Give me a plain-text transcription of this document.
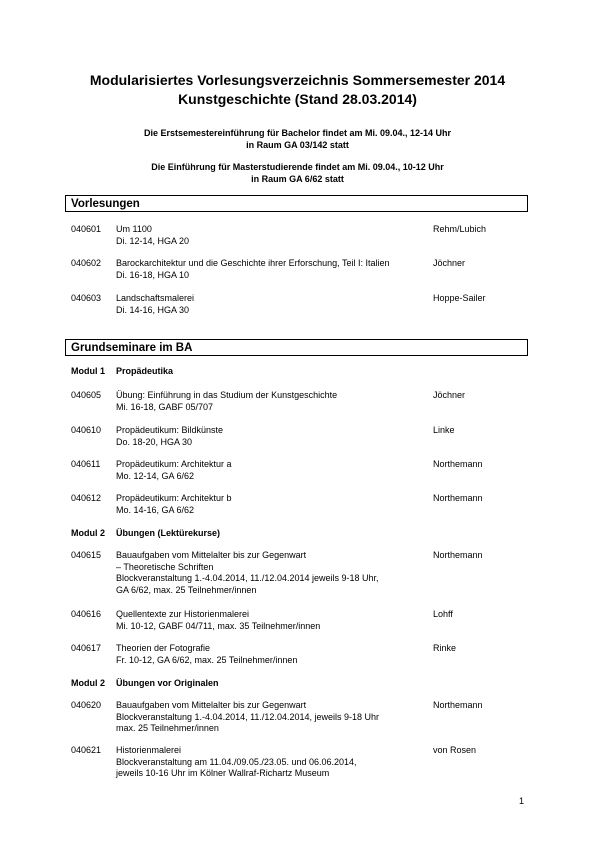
Modularisiertes Vorlesungsverzeichnis Sommersemester 2014
Kunstgeschichte (Stand 28.03.2014)
Die Erstsemestereinführung für Bachelor findet am Mi. 09.04., 12-14 Uhr
in Raum GA 03/142 statt
Die Einführung für Masterstudierende findet am Mi. 09.04., 10-12 Uhr
in Raum GA 6/62 statt
Vorlesungen
040601 Um 1100
Di. 12-14, HGA 20
Rehm/Lubich
040602 Barockarchitektur und die Geschichte ihrer Erforschung, Teil I: Italien
Di. 16-18, HGA 10
Jöchner
040603 Landschaftsmalerei
Di. 14-16, HGA 30
Hoppe-Sailer
Grundseminare im BA
Modul 1 Propädeutika
040605 Übung: Einführung in das Studium der Kunstgeschichte
Mi. 16-18, GABF 05/707
Jöchner
040610 Propädeutikum: Bildkünste
Do. 18-20, HGA 30
Linke
040611 Propädeutikum: Architektur a
Mo. 12-14, GA 6/62
Northemann
040612 Propädeutikum: Architektur b
Mo. 14-16, GA 6/62
Northemann
Modul 2 Übungen (Lektürekurse)
040615 Bauaufgaben vom Mittelalter bis zur Gegenwart
– Theoretische Schriften
Blockveranstaltung 1.-4.04.2014, 11./12.04.2014 jeweils 9-18 Uhr,
GA 6/62, max. 25 Teilnehmer/innen
Northemann
040616 Quellentexte zur Historienmalerei
Mi. 10-12, GABF 04/711, max. 35 Teilnehmer/innen
Lohff
040617 Theorien der Fotografie
Fr. 10-12, GA 6/62, max. 25 Teilnehmer/innen
Rinke
Modul 2 Übungen vor Originalen
040620 Bauaufgaben vom Mittelalter bis zur Gegenwart
Blockveranstaltung 1.-4.04.2014, 11./12.04.2014, jeweils 9-18 Uhr
max. 25 Teilnehmer/innen
Northemann
040621 Historienmalerei
Blockveranstaltung am 11.04./09.05./23.05. und 06.06.2014,
jeweils 10-16 Uhr im Kölner Wallraf-Richartz Museum
von Rosen
1
